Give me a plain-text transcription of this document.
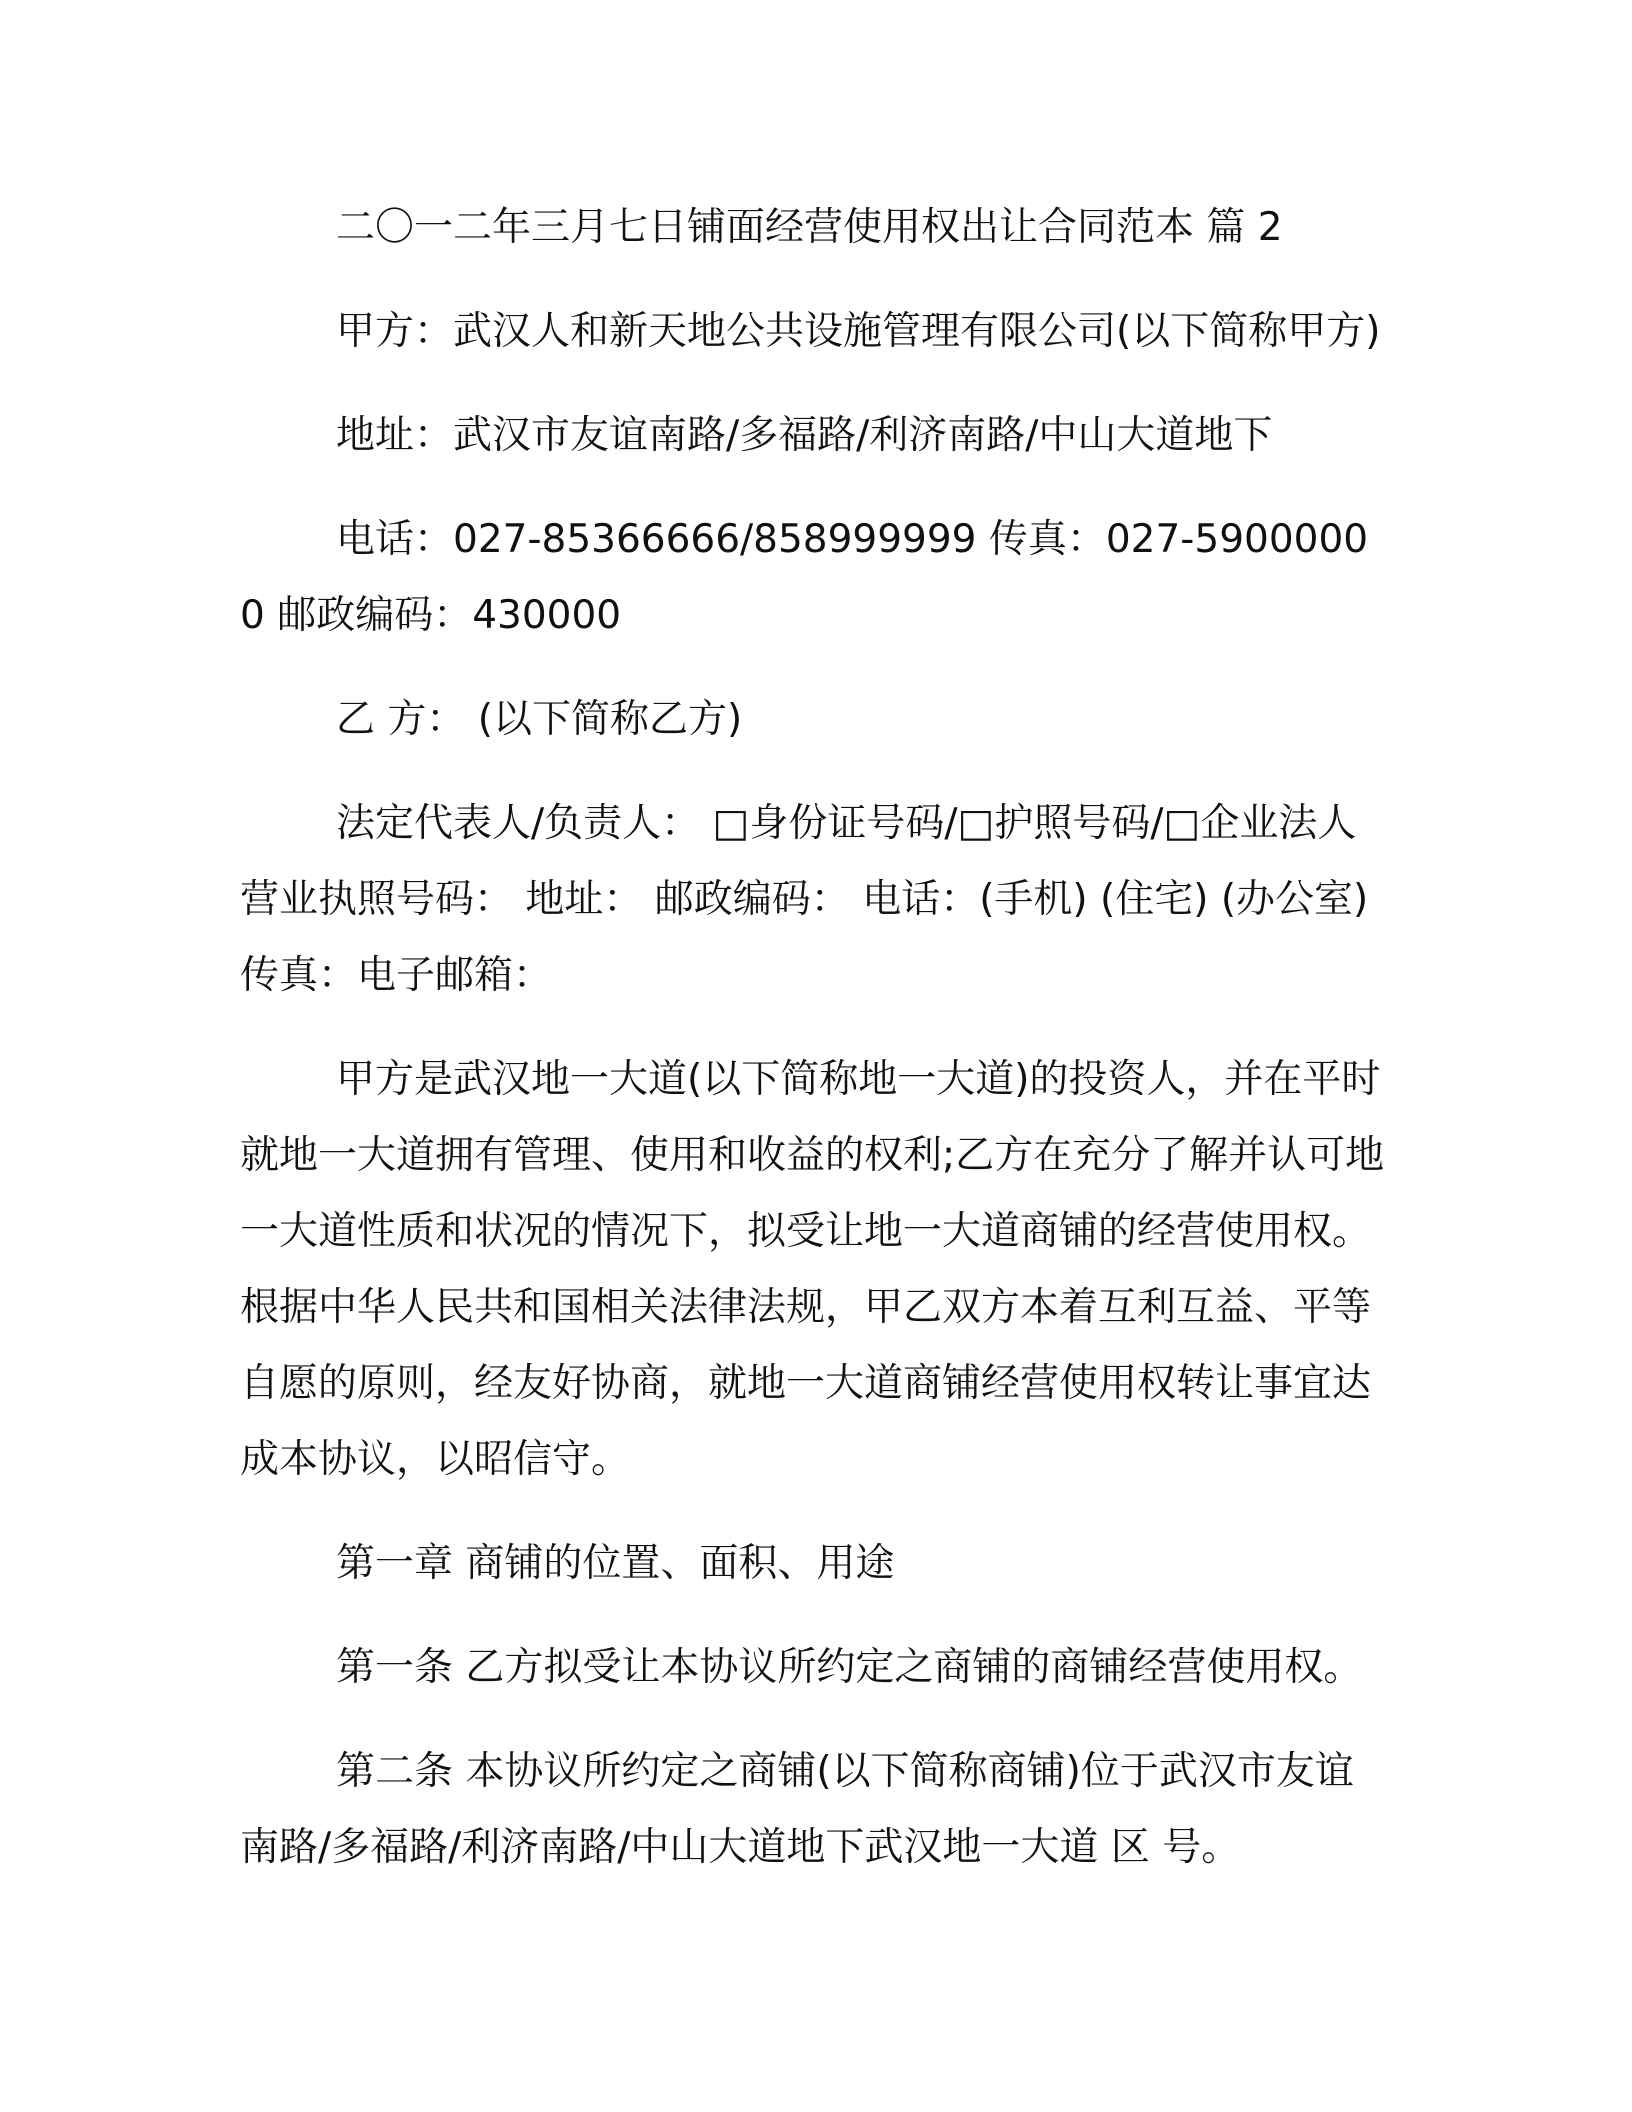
二〇一二年三月七日铺面经营使用权出让合同范本 篇 2

甲方：武汉人和新天地公共设施管理有限公司(以下简称甲方)

地址：武汉市友谊南路/多福路/利济南路/中山大道地下

电话：027-85366666/858999999 传真：027-59000000 邮政编码：430000

乙 方： (以下简称乙方)

法定代表人/负责人： □身份证号码/□护照号码/□企业法人营业执照号码： 地址： 邮政编码： 电话：(手机) (住宅) (办公室) 传真：电子邮箱：

甲方是武汉地一大道(以下简称地一大道)的投资人，并在平时就地一大道拥有管理、使用和收益的权利;乙方在充分了解并认可地一大道性质和状况的情况下，拟受让地一大道商铺的经营使用权。根据中华人民共和国相关法律法规，甲乙双方本着互利互益、平等自愿的原则，经友好协商，就地一大道商铺经营使用权转让事宜达成本协议，以昭信守。

第一章 商铺的位置、面积、用途

第一条 乙方拟受让本协议所约定之商铺的商铺经营使用权。

第二条 本协议所约定之商铺(以下简称商铺)位于武汉市友谊南路/多福路/利济南路/中山大道地下武汉地一大道 区 号。
